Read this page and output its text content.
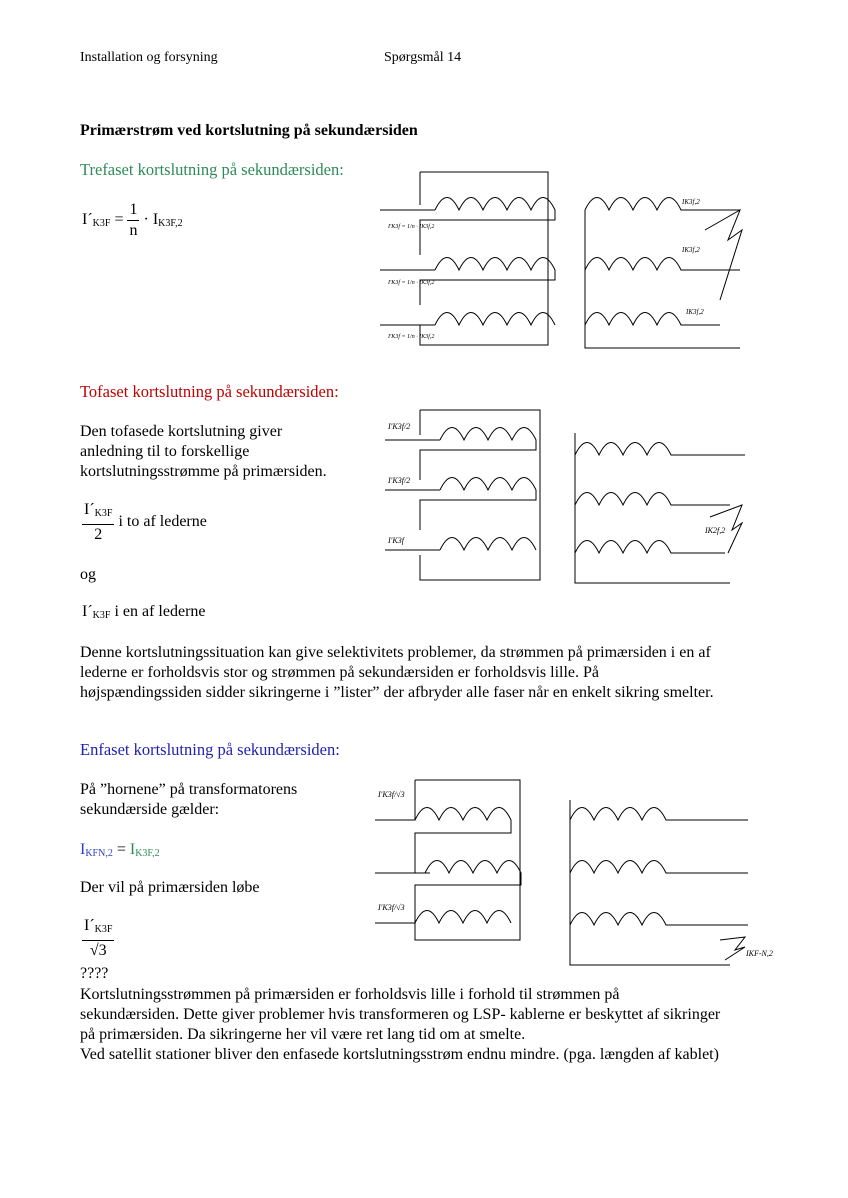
Installation og forsyning	Spørgsmål 14
Primærstrøm ved kortslutning på sekundærsiden
Trefaset kortslutning på sekundærsiden:
$I´_{K3F} = \frac{1}{n} \cdot I_{K3F,2}$	I′K3f = 1/n · IK3f,2
I′K3f = 1/n · IK3f,2
I′K3f = 1/n · IK3f,2
IK3f,2
IK3f,2
IK3f,2
Tofaset kortslutning på sekundærsiden:
Den tofasede kortslutning giver
anledning til to forskellige
kortslutningsstrømme på primærsiden.
$\frac{I´_{K3F}}{2}$ i to af lederne
og
$I´_{K3F}$ i en af lederne
I′K3f/2
I′K3f/2
I′K3f
IK2f,2
Denne kortslutningssituation kan give selektivitets problemer, da strømmen på primærsiden i en af
lederne er forholdsvis stor og strømmen på sekundærsiden er forholdsvis lille. På
højspændingssiden sidder sikringerne i ”lister” der afbryder alle faser når en enkelt sikring smelter.
Enfaset kortslutning på sekundærsiden:
På ”hornene” på transformatorens
sekundærside gælder:
$I_{KFN,2} = I_{K3F,2}$
Der vil på primærsiden løbe
$\frac{I´_{K3F}}{√3}$
????
I′K3f/√3
I′K3f/√3
IKF-N,2
Kortslutningsstrømmen på primærsiden er forholdsvis lille i forhold til strømmen på
sekundærsiden. Dette giver problemer hvis transformeren og LSP- kablerne er beskyttet af sikringer
på primærsiden. Da sikringerne her vil være ret lang tid om at smelte.
Ved satellit stationer bliver den enfasede kortslutningsstrøm endnu mindre. (pga. længden af kablet)
